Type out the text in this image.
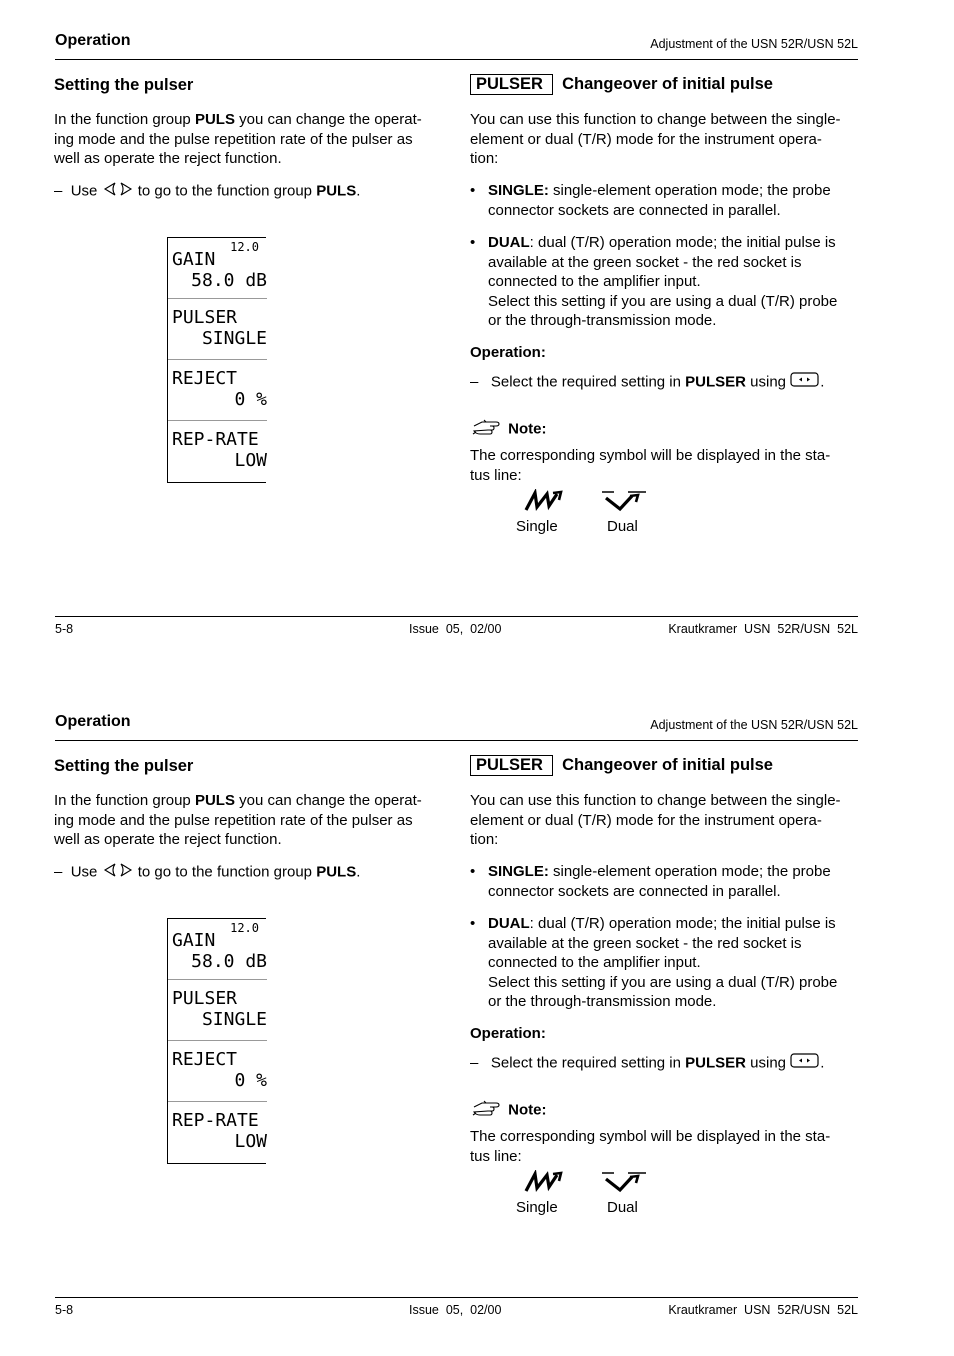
Operation	Adjustment of the USN 52R/USN 52L
Setting the pulser
In the function group PULS you can change the operat-
ing mode and the pulse repetition rate of the pulser as
well as operate the reject function.
– Use  to go to the function group PULS.
12.0
GAIN
58.0 dB
PULSER
SINGLE
REJECT
0 %
REP-RATE
LOW
PULSER Changeover of initial pulse
You can use this function to change between the single-
element or dual (T/R) mode for the instrument opera-
tion:
• SINGLE: single-element operation mode; the probe
connector sockets are connected in parallel.
• DUAL: dual (T/R) operation mode; the initial pulse is
available at the green socket - the red socket is
connected to the amplifier input.
Select this setting if you are using a dual (T/R) probe
or the through-transmission mode.
Operation:
– Select the required setting in PULSER using .
Note:
The corresponding symbol will be displayed in the sta-
tus line:
Single	Dual
5-8	Issue  05,  02/00	Krautkramer  USN  52R/USN  52L
Operation	Adjustment of the USN 52R/USN 52L
Setting the pulser
In the function group PULS you can change the operat-
ing mode and the pulse repetition rate of the pulser as
well as operate the reject function.
– Use  to go to the function group PULS.
12.0
GAIN
58.0 dB
PULSER
SINGLE
REJECT
0 %
REP-RATE
LOW
PULSER Changeover of initial pulse
You can use this function to change between the single-
element or dual (T/R) mode for the instrument opera-
tion:
• SINGLE: single-element operation mode; the probe
connector sockets are connected in parallel.
• DUAL: dual (T/R) operation mode; the initial pulse is
available at the green socket - the red socket is
connected to the amplifier input.
Select this setting if you are using a dual (T/R) probe
or the through-transmission mode.
Operation:
– Select the required setting in PULSER using .
Note:
The corresponding symbol will be displayed in the sta-
tus line:
Single	Dual
5-8	Issue  05,  02/00	Krautkramer  USN  52R/USN  52L
